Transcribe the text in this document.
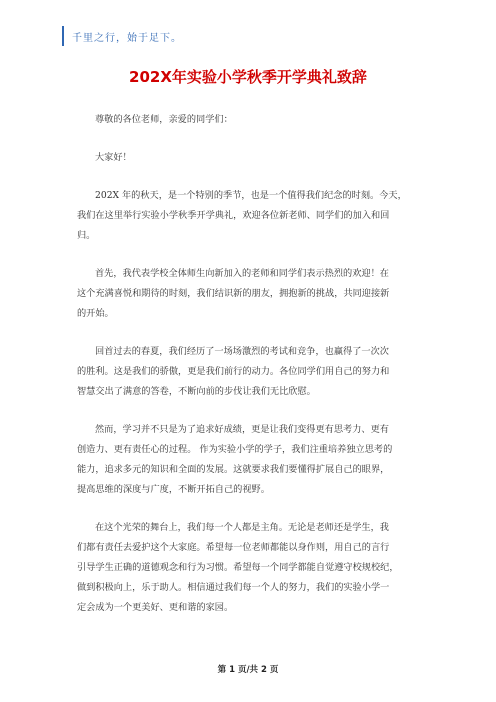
千里之行，始于足下。
202X年实验小学秋季开学典礼致辞
尊敬的各位老师，亲爱的同学们：
大家好！
202X 年的秋天，是一个特别的季节，也是一个值得我们纪念的时刻。今天，
我们在这里举行实验小学秋季开学典礼，欢迎各位新老师、同学们的加入和回
归。
首先，我代表学校全体师生向新加入的老师和同学们表示热烈的欢迎！在
这个充满喜悦和期待的时刻，我们结识新的朋友，拥抱新的挑战，共同迎接新
的开始。
回首过去的春夏，我们经历了一场场激烈的考试和竞争，也赢得了一次次
的胜利。这是我们的骄傲，更是我们前行的动力。各位同学们用自己的努力和
智慧交出了满意的答卷，不断向前的步伐让我们无比欣慰。
然而，学习并不只是为了追求好成绩，更是让我们变得更有思考力、更有
创造力、更有责任心的过程。 作为实验小学的学子，我们注重培养独立思考的
能力，追求多元的知识和全面的发展。这就要求我们要懂得扩展自己的眼界，
提高思维的深度与广度，不断开拓自己的视野。
在这个光荣的舞台上，我们每一个人都是主角。无论是老师还是学生，我
们都有责任去爱护这个大家庭。希望每一位老师都能以身作则，用自己的言行
引导学生正确的道德观念和行为习惯。希望每一个同学都能自觉遵守校规校纪，
做到积极向上，乐于助人。相信通过我们每一个人的努力，我们的实验小学一
定会成为一个更美好、更和谐的家园。
第 1 页/共 2 页
